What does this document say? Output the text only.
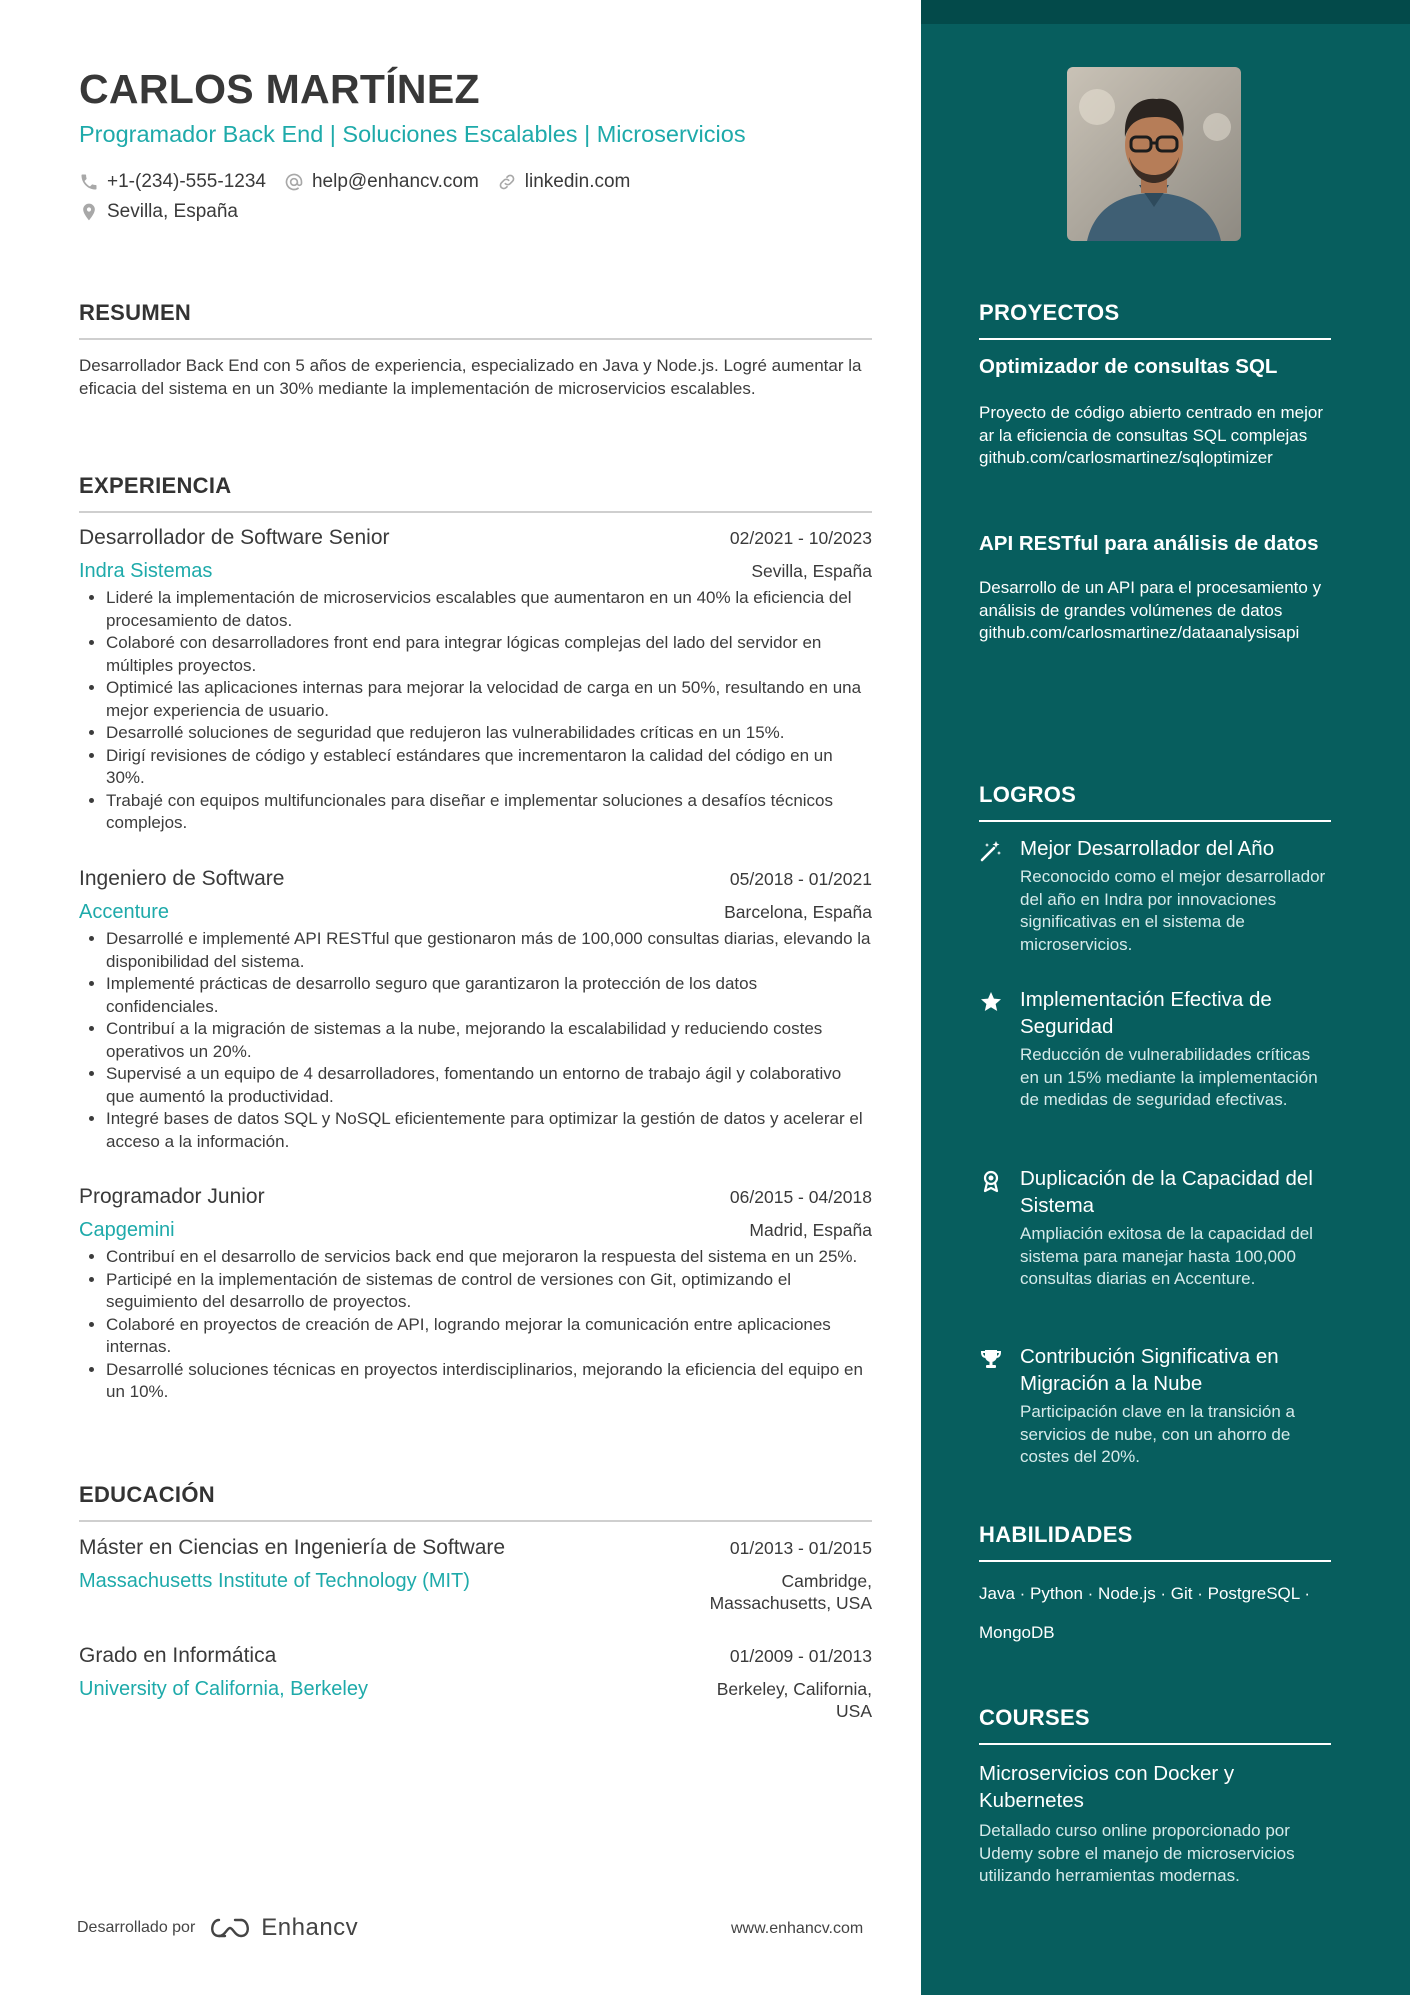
CARLOS MARTÍNEZ
Programador Back End | Soluciones Escalables | Microservicios
+1-(234)-555-1234 help@enhancv.com linkedin.com
Sevilla, España
RESUMEN

Desarrollador Back End con 5 años de experiencia, especializado en Java y Node.js. Logré aumentar la eficacia del sistema en un 30% mediante la implementación de microservicios escalables.

EXPERIENCIA
Desarrollador de Software Senior	02/2021 - 10/2023
Indra Sistemas	Sevilla, España
• Lideré la implementación de microservicios escalables que aumentaron en un 40% la eficiencia del procesamiento de datos.
• Colaboré con desarrolladores front end para integrar lógicas complejas del lado del servidor en múltiples proyectos.
• Optimicé las aplicaciones internas para mejorar la velocidad de carga en un 50%, resultando en una mejor experiencia de usuario.
• Desarrollé soluciones de seguridad que redujeron las vulnerabilidades críticas en un 15%.
• Dirigí revisiones de código y establecí estándares que incrementaron la calidad del código en un 30%.
• Trabajé con equipos multifuncionales para diseñar e implementar soluciones a desafíos técnicos complejos.
Ingeniero de Software	05/2018 - 01/2021
Accenture	Barcelona, España
• Desarrollé e implementé API RESTful que gestionaron más de 100,000 consultas diarias, elevando la disponibilidad del sistema.
• Implementé prácticas de desarrollo seguro que garantizaron la protección de los datos confidenciales.
• Contribuí a la migración de sistemas a la nube, mejorando la escalabilidad y reduciendo costes operativos un 20%.
• Supervisé a un equipo de 4 desarrolladores, fomentando un entorno de trabajo ágil y colaborativo que aumentó la productividad.
• Integré bases de datos SQL y NoSQL eficientemente para optimizar la gestión de datos y acelerar el acceso a la información.
Programador Junior	06/2015 - 04/2018
Capgemini	Madrid, España
• Contribuí en el desarrollo de servicios back end que mejoraron la respuesta del sistema en un 25%.
• Participé en la implementación de sistemas de control de versiones con Git, optimizando el seguimiento del desarrollo de proyectos.
• Colaboré en proyectos de creación de API, logrando mejorar la comunicación entre aplicaciones internas.
• Desarrollé soluciones técnicas en proyectos interdisciplinarios, mejorando la eficiencia del equipo en un 10%.
EDUCACIÓN
Máster en Ciencias en Ingeniería de Software	01/2013 - 01/2015
Massachusetts Institute of Technology (MIT)	Cambridge,
Massachusetts, USA
Grado en Informática	01/2009 - 01/2013
University of California, Berkeley	Berkeley, California,
USA
Desarrollado por	Enhancv	www.enhancv.com
PROYECTOS
Optimizador de consultas SQL
Proyecto de código abierto centrado en mejorar la eficiencia de consultas SQL complejas
github.com/carlosmartinez/sqloptimizer
API RESTful para análisis de datos
Desarrollo de un API para el procesamiento y análisis de grandes volúmenes de datos
github.com/carlosmartinez/dataanalysisapi
LOGROS
Mejor Desarrollador del Año
Reconocido como el mejor desarrollador del año en Indra por innovaciones significativas en el sistema de microservicios.
Implementación Efectiva de Seguridad
Reducción de vulnerabilidades críticas en un 15% mediante la implementación de medidas de seguridad efectivas.
Duplicación de la Capacidad del Sistema
Ampliación exitosa de la capacidad del sistema para manejar hasta 100,000 consultas diarias en Accenture.
Contribución Significativa en Migración a la Nube
Participación clave en la transición a servicios de nube, con un ahorro de costes del 20%.
HABILIDADES
Java · Python · Node.js · Git · PostgreSQL ·
MongoDB
COURSES
Microservicios con Docker y Kubernetes
Detallado curso online proporcionado por Udemy sobre el manejo de microservicios utilizando herramientas modernas.
